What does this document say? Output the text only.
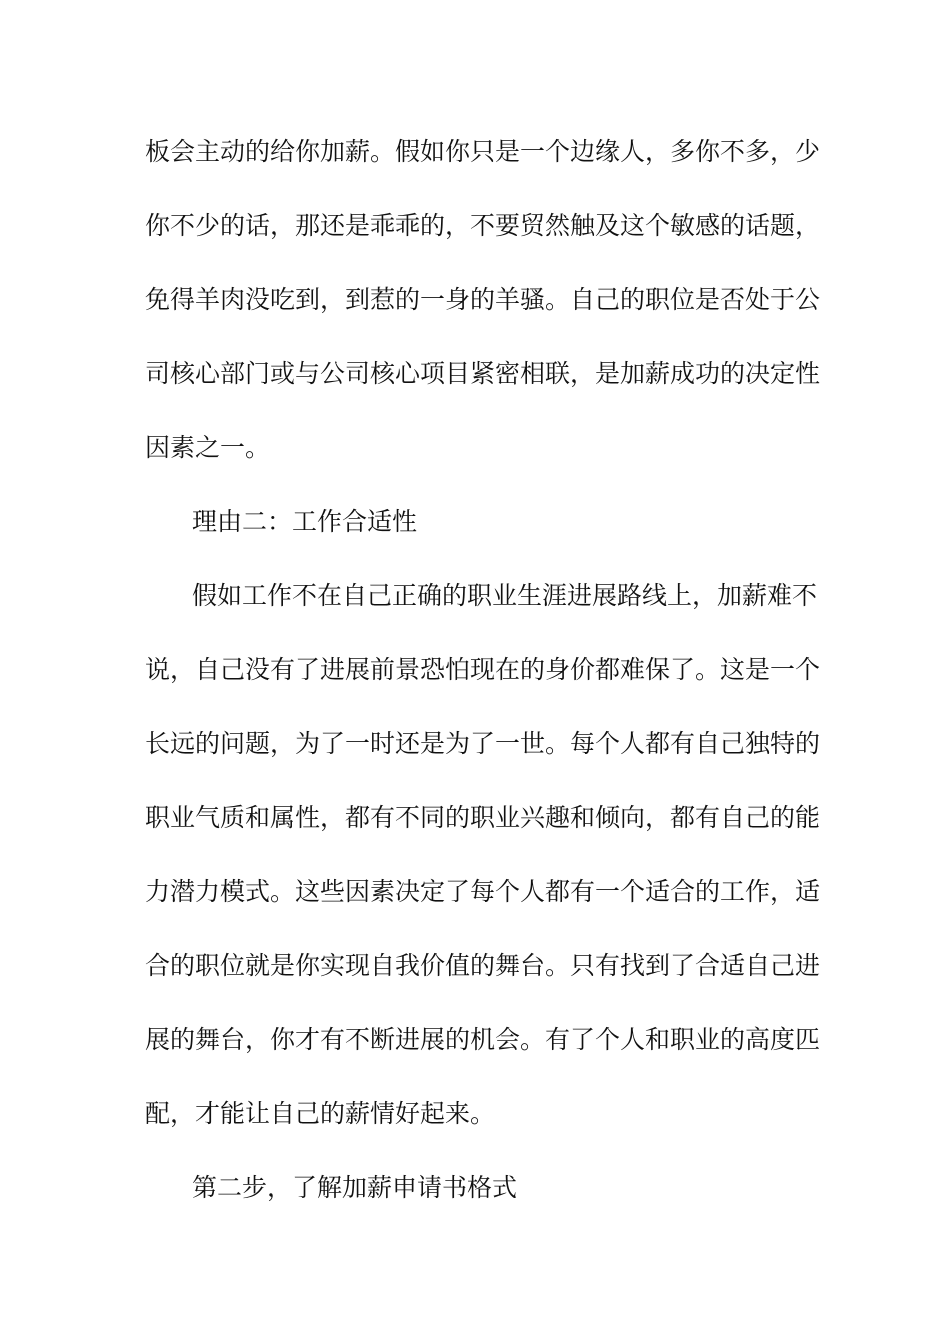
板会主动的给你加薪。假如你只是一个边缘人，多你不多，少
你不少的话，那还是乖乖的，不要贸然触及这个敏感的话题，
免得羊肉没吃到，到惹的一身的羊骚。自己的职位是否处于公
司核心部门或与公司核心项目紧密相联，是加薪成功的决定性
因素之一。
理由二：工作合适性
假如工作不在自己正确的职业生涯进展路线上，加薪难不
说，自己没有了进展前景恐怕现在的身价都难保了。这是一个
长远的问题，为了一时还是为了一世。每个人都有自己独特的
职业气质和属性，都有不同的职业兴趣和倾向，都有自己的能
力潜力模式。这些因素决定了每个人都有一个适合的工作，适
合的职位就是你实现自我价值的舞台。只有找到了合适自己进
展的舞台，你才有不断进展的机会。有了个人和职业的高度匹
配，才能让自己的薪情好起来。
第二步，了解加薪申请书格式
